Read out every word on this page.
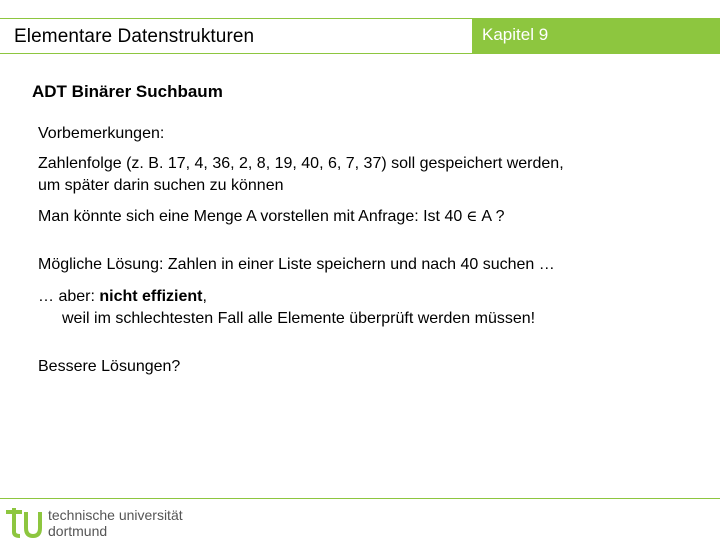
Elementare Datenstrukturen	Kapitel 9
ADT Binärer Suchbaum

Vorbemerkungen:

Zahlenfolge (z. B. 17, 4, 36, 2, 8, 19, 40, 6, 7, 37) soll gespeichert werden,
um später darin suchen zu können

Man könnte sich eine Menge A vorstellen mit Anfrage: Ist 40 ∈ A ?

Mögliche Lösung: Zahlen in einer Liste speichern und nach 40 suchen …

… aber: nicht effizient,
weil im schlechtesten Fall alle Elemente überprüft werden müssen!

Bessere Lösungen?

technische universität
dortmund
